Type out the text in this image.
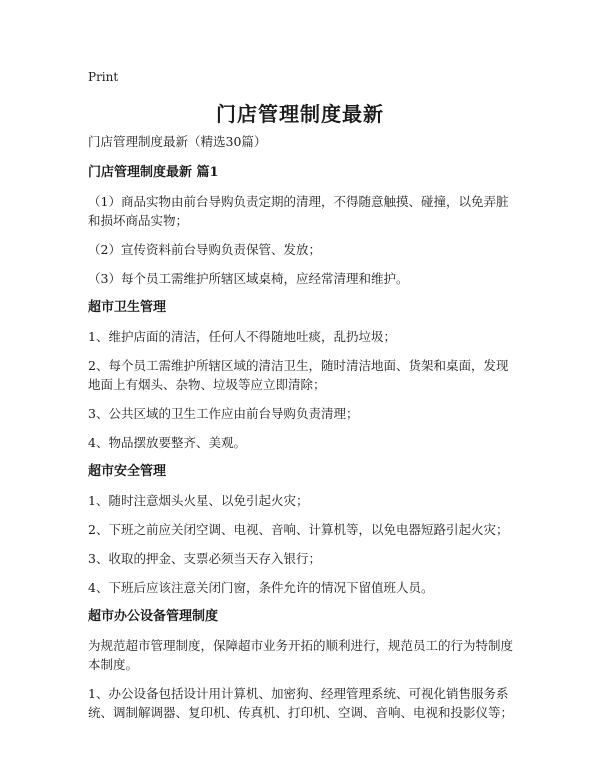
Print
门店管理制度最新

门店管理制度最新（精选30篇）

门店管理制度最新 篇1

（1）商品实物由前台导购负责定期的清理，不得随意触摸、碰撞，以免弄脏和损坏商品实物；

（2）宣传资料前台导购负责保管、发放；

（3）每个员工需维护所辖区域桌椅，应经常清理和维护。

超市卫生管理

1、维护店面的清洁，任何人不得随地吐痰，乱扔垃圾；

2、每个员工需维护所辖区域的清洁卫生，随时清洁地面、货架和桌面，发现地面上有烟头、杂物、垃圾等应立即清除；

3、公共区域的卫生工作应由前台导购负责清理；

4、物品摆放要整齐、美观。

超市安全管理

1、随时注意烟头火星、以免引起火灾；

2、下班之前应关闭空调、电视、音响、计算机等，以免电器短路引起火灾；

3、收取的押金、支票必须当天存入银行；

4、下班后应该注意关闭门窗，条件允许的情况下留值班人员。

超市办公设备管理制度

为规范超市管理制度，保障超市业务开拓的顺利进行，规范员工的行为特制度本制度。

1、办公设备包括设计用计算机、加密狗、经理管理系统、可视化销售服务系统、调制解调器、复印机、传真机、打印机、空调、音响、电视和投影仪等；
